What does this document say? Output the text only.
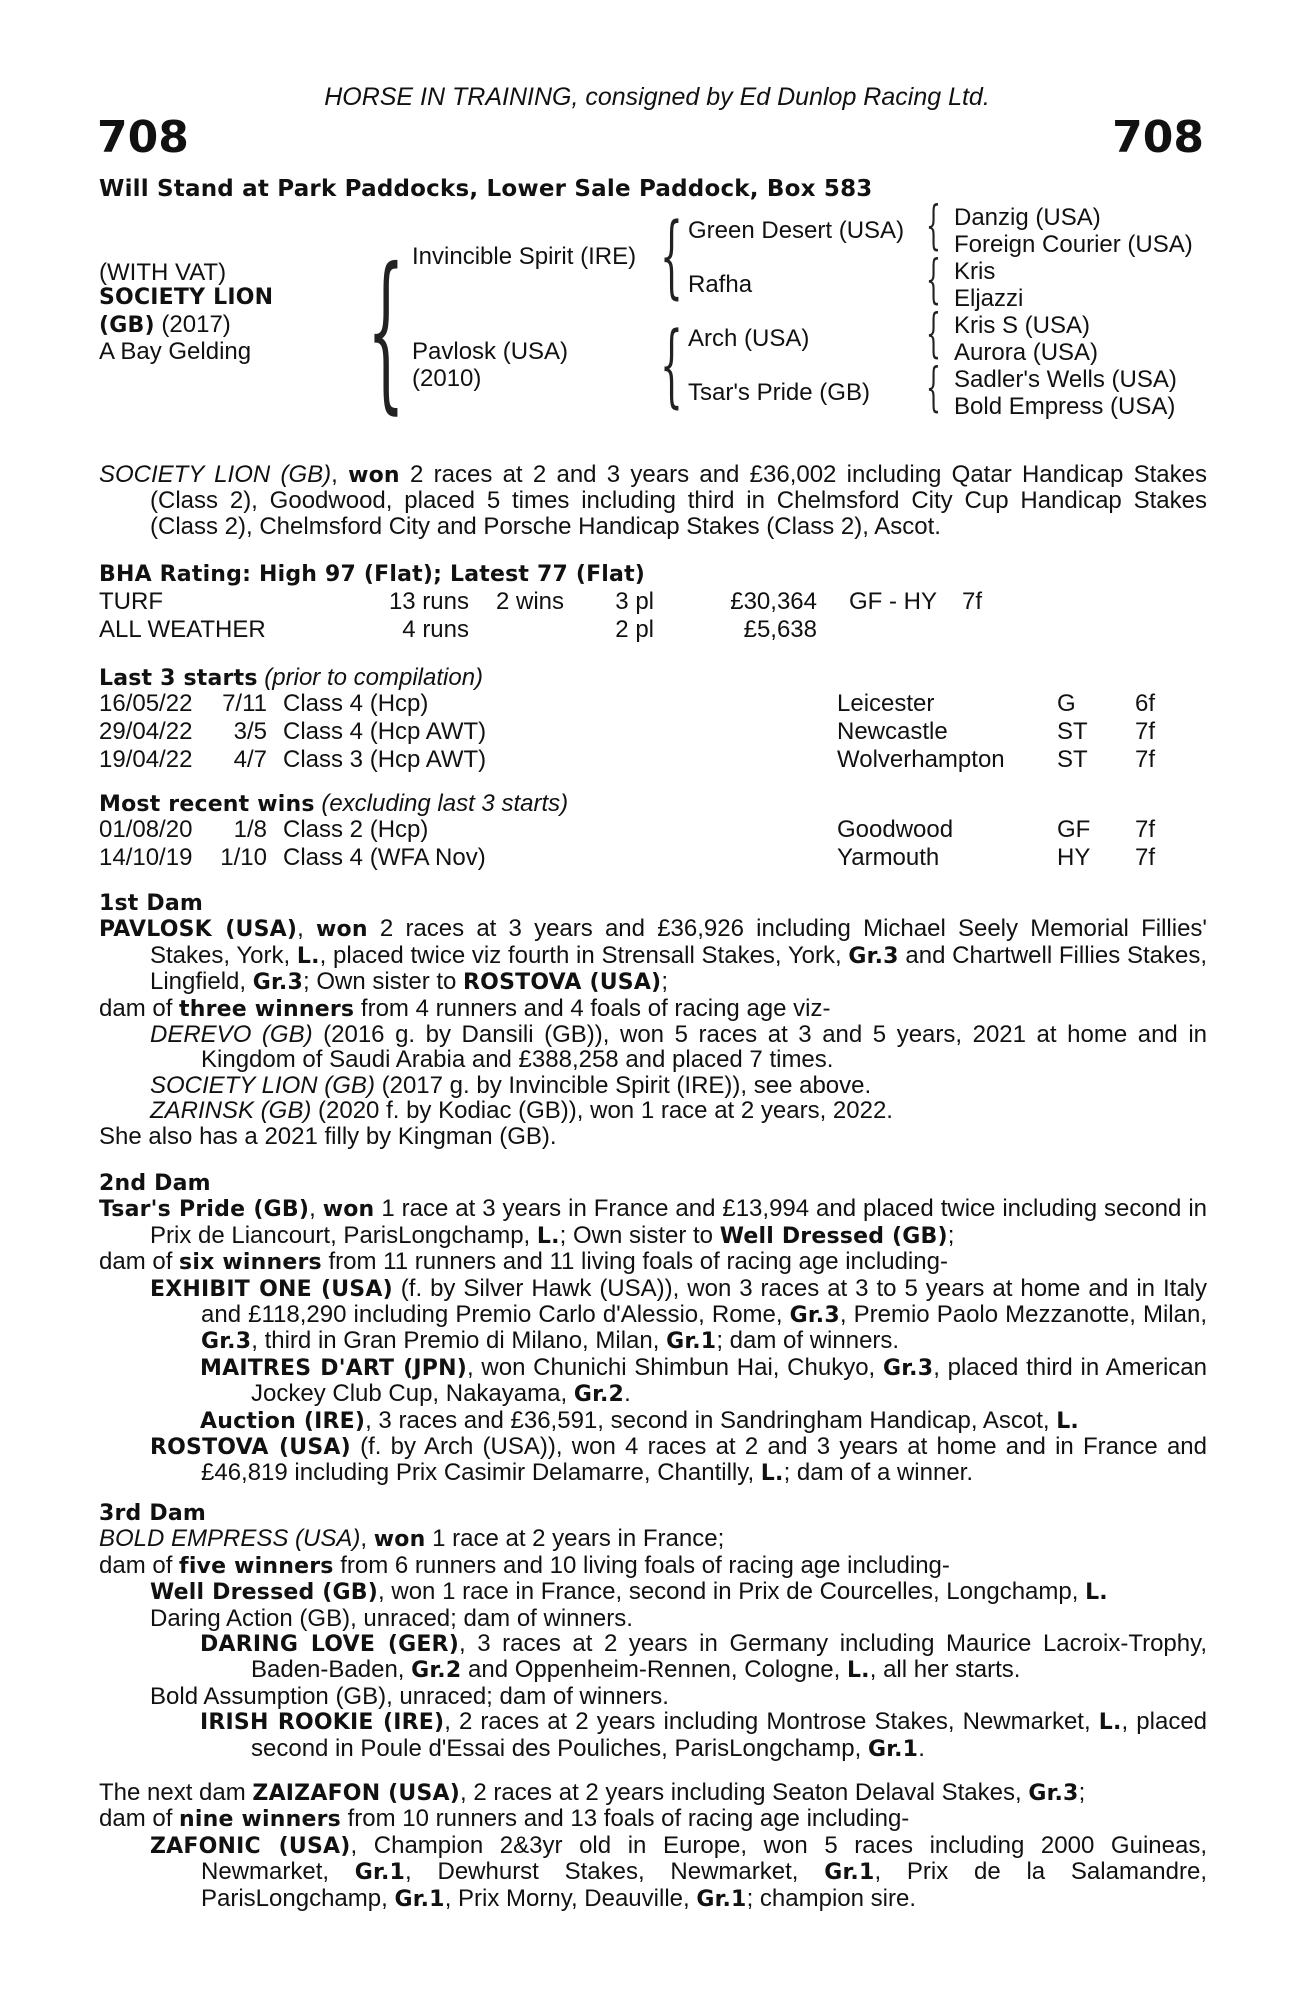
HORSE IN TRAINING, consigned by Ed Dunlop Racing Ltd.
708	708
Will Stand at Park Paddocks, Lower Sale Paddock, Box 583
(WITH VAT)
SOCIETY LION
(GB) (2017)
A Bay Gelding { Invincible Spirit (IRE)
Pavlosk (USA)
(2010)
{
{
Green Desert (USA)
Rafha
Arch (USA)
Tsar's Pride (GB)
{
{
{
{
Danzig (USA)
Foreign Courier (USA)
Kris
Eljazzi
Kris S (USA)
Aurora (USA)
Sadler's Wells (USA)
Bold Empress (USA)

SOCIETY LION (GB), won 2 races at 2 and 3 years and £36,002 including Qatar Handicap Stakes (Class 2), Goodwood, placed 5 times including third in Chelmsford City Cup Handicap Stakes (Class 2), Chelmsford City and Porsche Handicap Stakes (Class 2), Ascot.

BHA Rating: High 97 (Flat); Latest 77 (Flat)
TURF	13 runs	2 wins	3 pl	£30,364	GF - HY	7f
ALL WEATHER	4 runs		2 pl	£5,638		
Last 3 starts (prior to compilation)
16/05/22	7/11	Class 4 (Hcp)	Leicester	G	6f
29/04/22	3/5	Class 4 (Hcp AWT)	Newcastle	ST	7f
19/04/22	4/7	Class 3 (Hcp AWT)	Wolverhampton	ST	7f
Most recent wins (excluding last 3 starts)
01/08/20	1/8	Class 2 (Hcp)	Goodwood	GF	7f
14/10/19	1/10	Class 4 (WFA Nov)	Yarmouth	HY	7f

1st Dam

PAVLOSK (USA), won 2 races at 3 years and £36,926 including Michael Seely Memorial Fillies' Stakes, York, L., placed twice viz fourth in Strensall Stakes, York, Gr.3 and Chartwell Fillies Stakes, Lingfield, Gr.3; Own sister to ROSTOVA (USA);

dam of three winners from 4 runners and 4 foals of racing age viz-

DEREVO (GB) (2016 g. by Dansili (GB)), won 5 races at 3 and 5 years, 2021 at home and in Kingdom of Saudi Arabia and £388,258 and placed 7 times.

SOCIETY LION (GB) (2017 g. by Invincible Spirit (IRE)), see above.

ZARINSK (GB) (2020 f. by Kodiac (GB)), won 1 race at 2 years, 2022.

She also has a 2021 filly by Kingman (GB).

2nd Dam

Tsar's Pride (GB), won 1 race at 3 years in France and £13,994 and placed twice including second in Prix de Liancourt, ParisLongchamp, L.; Own sister to Well Dressed (GB);

dam of six winners from 11 runners and 11 living foals of racing age including-

EXHIBIT ONE (USA) (f. by Silver Hawk (USA)), won 3 races at 3 to 5 years at home and in Italy and £118,290 including Premio Carlo d'Alessio, Rome, Gr.3, Premio Paolo Mezzanotte, Milan, Gr.3, third in Gran Premio di Milano, Milan, Gr.1; dam of winners.

MAITRES D'ART (JPN), won Chunichi Shimbun Hai, Chukyo, Gr.3, placed third in American Jockey Club Cup, Nakayama, Gr.2.

Auction (IRE), 3 races and £36,591, second in Sandringham Handicap, Ascot, L.

ROSTOVA (USA) (f. by Arch (USA)), won 4 races at 2 and 3 years at home and in France and £46,819 including Prix Casimir Delamarre, Chantilly, L.; dam of a winner.

3rd Dam

BOLD EMPRESS (USA), won 1 race at 2 years in France;

dam of five winners from 6 runners and 10 living foals of racing age including-

Well Dressed (GB), won 1 race in France, second in Prix de Courcelles, Longchamp, L.

Daring Action (GB), unraced; dam of winners.

DARING LOVE (GER), 3 races at 2 years in Germany including Maurice Lacroix-Trophy, Baden-Baden, Gr.2 and Oppenheim-Rennen, Cologne, L., all her starts.

Bold Assumption (GB), unraced; dam of winners.

IRISH ROOKIE (IRE), 2 races at 2 years including Montrose Stakes, Newmarket, L., placed second in Poule d'Essai des Pouliches, ParisLongchamp, Gr.1.

The next dam ZAIZAFON (USA), 2 races at 2 years including Seaton Delaval Stakes, Gr.3;

dam of nine winners from 10 runners and 13 foals of racing age including-

ZAFONIC (USA), Champion 2&3yr old in Europe, won 5 races including 2000 Guineas, Newmarket, Gr.1, Dewhurst Stakes, Newmarket, Gr.1, Prix de la Salamandre, ParisLongchamp, Gr.1, Prix Morny, Deauville, Gr.1; champion sire.
